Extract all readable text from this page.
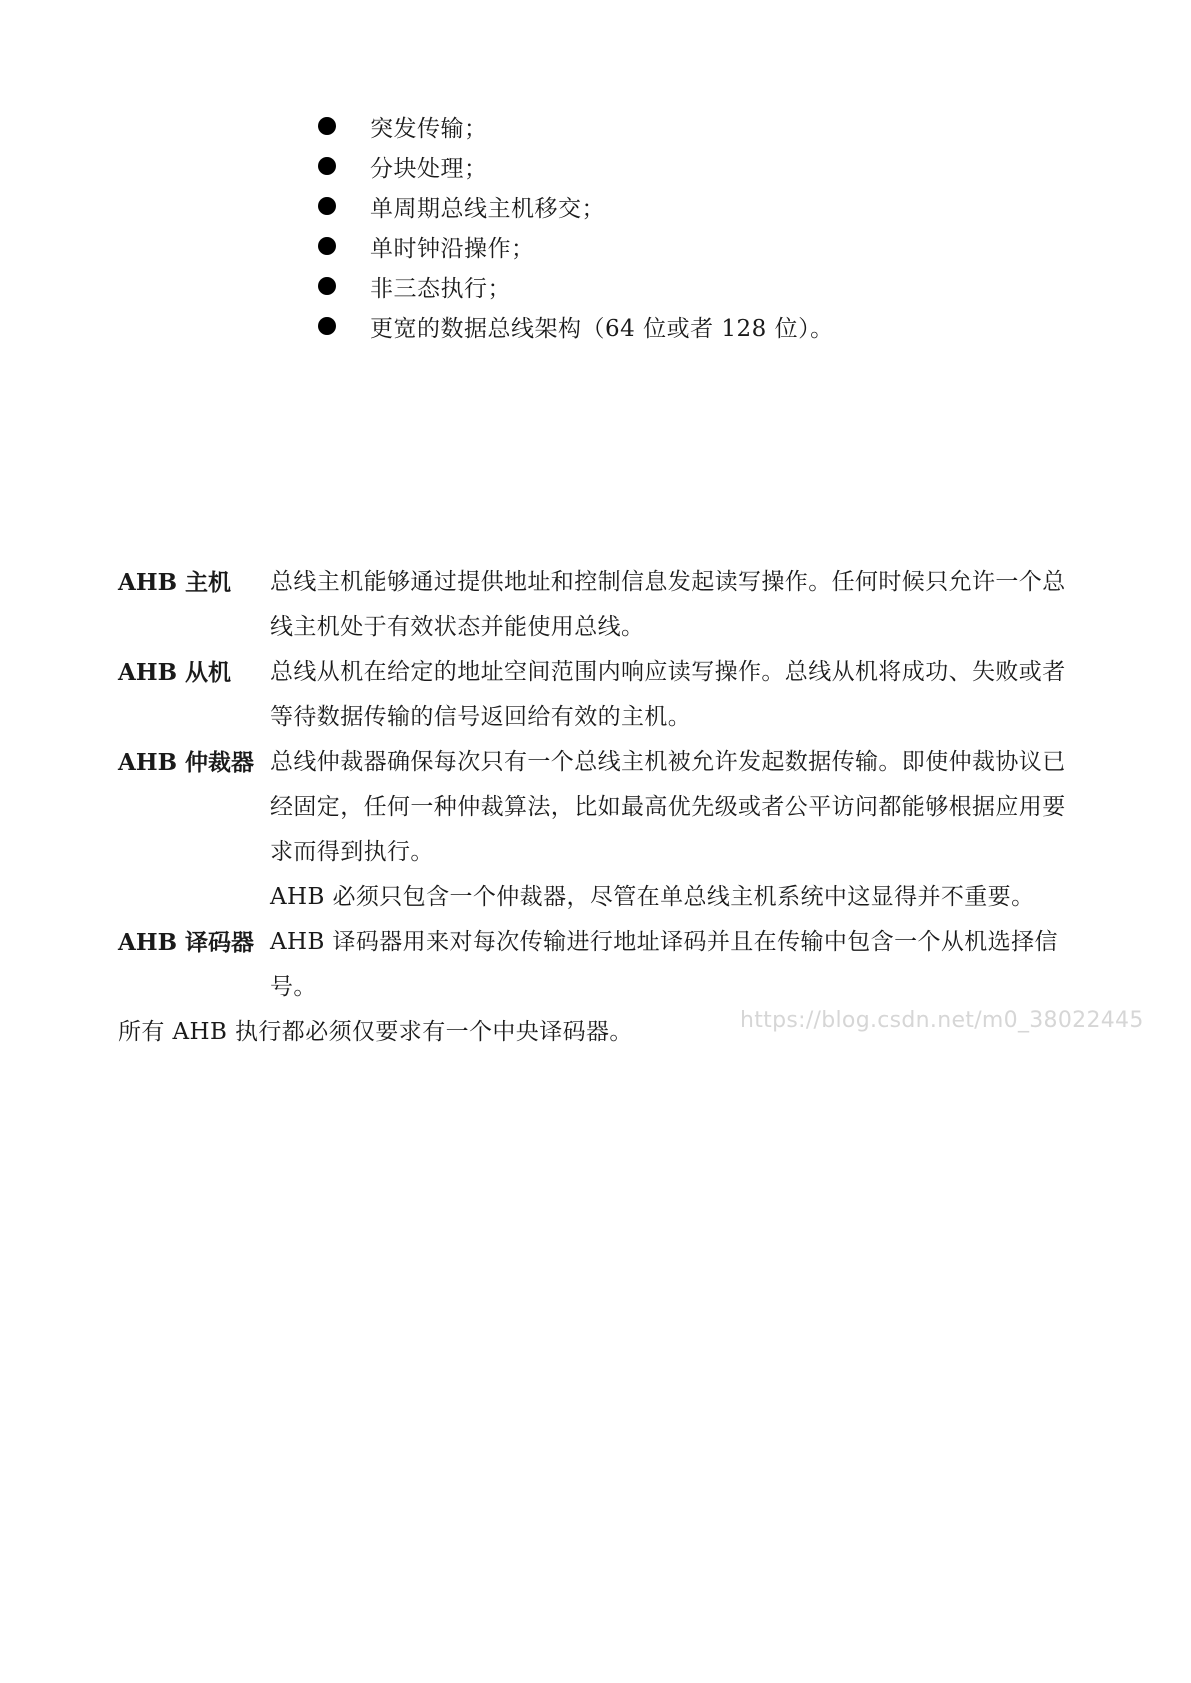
突发传输；
分块处理；
单周期总线主机移交；
单时钟沿操作；
非三态执行；
更宽的数据总线架构（64 位或者 128 位）。
AHB 主机	总线主机能够通过提供地址和控制信息发起读写操作。任何时候只允许一个总线主机处于有效状态并能使用总线。

AHB 从机	总线从机在给定的地址空间范围内响应读写操作。总线从机将成功、失败或者等待数据传输的信号返回给有效的主机。

AHB 仲裁器 总线仲裁器确保每次只有一个总线主机被允许发起数据传输。即使仲裁协议已经固定，任何一种仲裁算法，比如最高优先级或者公平访问都能够根据应用要求而得到执行。

AHB 必须只包含一个仲裁器，尽管在单总线主机系统中这显得并不重要。

AHB 译码器 AHB 译码器用来对每次传输进行地址译码并且在传输中包含一个从机选择信号。

所有 AHB 执行都必须仅要求有一个中央译码器。	https://blog.csdn.net/m0_38022445
